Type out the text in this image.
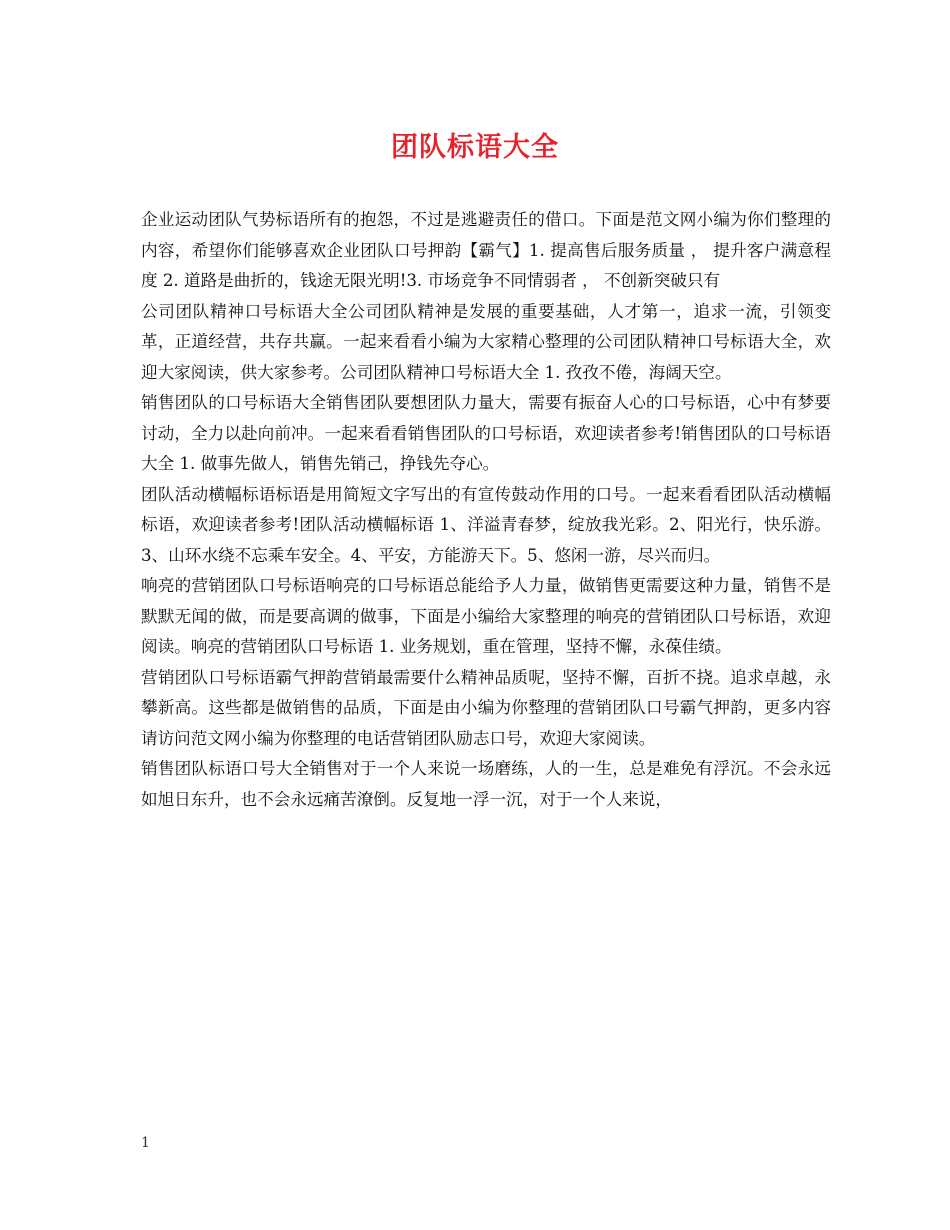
团队标语大全

企业运动团队气势标语所有的抱怨，不过是逃避责任的借口。下面是范文网小编为你们整理的内容，希望你们能够喜欢企业团队口号押韵【霸气】1. 提高售后服务质量 ， 提升客户满意程度 2. 道路是曲折的，钱途无限光明!3. 市场竞争不同情弱者 ， 不创新突破只有

公司团队精神口号标语大全公司团队精神是发展的重要基础，人才第一，追求一流，引领变革，正道经营，共存共赢。一起来看看小编为大家精心整理的公司团队精神口号标语大全，欢迎大家阅读，供大家参考。公司团队精神口号标语大全 1. 孜孜不倦，海阔天空。

销售团队的口号标语大全销售团队要想团队力量大，需要有振奋人心的口号标语，心中有梦要讨动，全力以赴向前冲。一起来看看销售团队的口号标语，欢迎读者参考!销售团队的口号标语大全 1. 做事先做人，销售先销己，挣钱先夺心。

团队活动横幅标语标语是用简短文字写出的有宣传鼓动作用的口号。一起来看看团队活动横幅标语，欢迎读者参考!团队活动横幅标语 1、洋溢青春梦，绽放我光彩。2、阳光行，快乐游。3、山环水绕不忘乘车安全。4、平安，方能游天下。5、悠闲一游，尽兴而归。

响亮的营销团队口号标语响亮的口号标语总能给予人力量，做销售更需要这种力量，销售不是默默无闻的做，而是要高调的做事，下面是小编给大家整理的响亮的营销团队口号标语，欢迎阅读。响亮的营销团队口号标语 1. 业务规划，重在管理，坚持不懈，永葆佳绩。

营销团队口号标语霸气押韵营销最需要什么精神品质呢，坚持不懈，百折不挠。追求卓越，永攀新高。这些都是做销售的品质，下面是由小编为你整理的营销团队口号霸气押韵，更多内容请访问范文网小编为你整理的电话营销团队励志口号，欢迎大家阅读。

销售团队标语口号大全销售对于一个人来说一场磨练，人的一生，总是难免有浮沉。不会永远如旭日东升，也不会永远痛苦潦倒。反复地一浮一沉，对于一个人来说，

1
